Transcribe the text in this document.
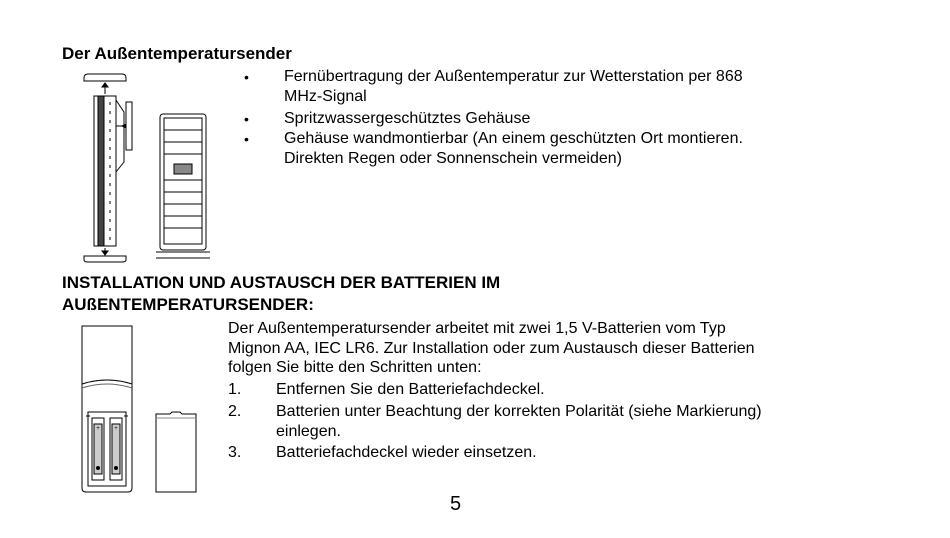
Der Außentemperatursender
• Fernübertragung der Außentemperatur zur Wetterstation per 868
MHz-Signal
• Spritzwassergeschütztes Gehäuse
• Gehäuse wandmontierbar (An einem geschützten Ort montieren.
Direkten Regen oder Sonnenschein vermeiden)
INSTALLATION UND AUSTAUSCH DER BATTERIEN IM
AUßENTEMPERATURSENDER:
Der Außentemperatursender arbeitet mit zwei 1,5 V-Batterien vom Typ
Mignon AA, IEC LR6. Zur Installation oder zum Austausch dieser Batterien
folgen Sie bitte den Schritten unten:
1. Entfernen Sie den Batteriefachdeckel.
2. Batterien unter Beachtung der korrekten Polarität (siehe Markierung)
einlegen.
3. Batteriefachdeckel wieder einsetzen.
+ +
5
